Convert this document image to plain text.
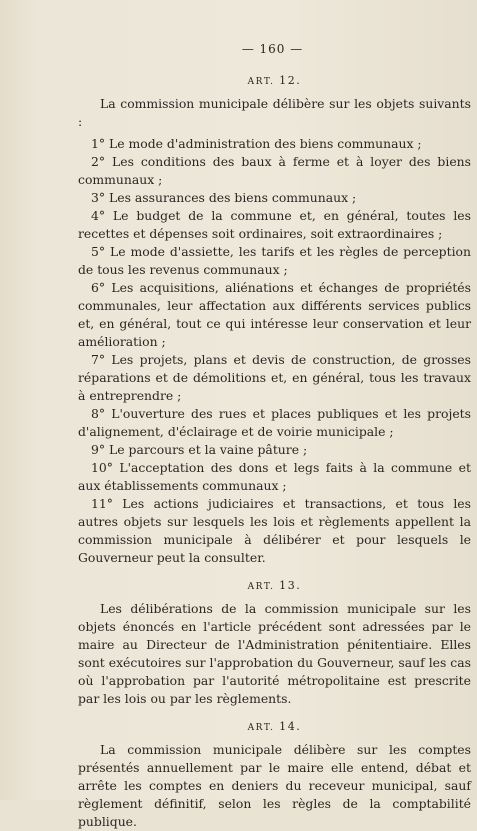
— 160 —
ART. 12.

La commission municipale délibère sur les objets suivants :

1° Le mode d'administration des biens communaux ;

2° Les conditions des baux à ferme et à loyer des biens communaux ;

3° Les assurances des biens communaux ;

4° Le budget de la commune et, en général, toutes les recettes et dépenses soit ordinaires, soit extraordinaires ;

5° Le mode d'assiette, les tarifs et les règles de perception de tous les revenus communaux ;

6° Les acquisitions, aliénations et échanges de propriétés communales, leur affectation aux différents services publics et, en général, tout ce qui intéresse leur conservation et leur amélioration ;

7° Les projets, plans et devis de construction, de grosses réparations et de démolitions et, en général, tous les travaux à entreprendre ;

8° L'ouverture des rues et places publiques et les projets d'alignement, d'éclairage et de voirie municipale ;

9° Le parcours et la vaine pâture ;

10° L'acceptation des dons et legs faits à la commune et aux établissements communaux ;

11° Les actions judiciaires et transactions, et tous les autres objets sur lesquels les lois et règlements appellent la commission municipale à délibérer et pour lesquels le Gouverneur peut la consulter.

ART. 13.

Les délibérations de la commission municipale sur les objets énoncés en l'article précédent sont adressées par le maire au Directeur de l'Administration pénitentiaire. Elles sont exécutoires sur l'approbation du Gouverneur, sauf les cas où l'approbation par l'autorité métropolitaine est prescrite par les lois ou par les règlements.

ART. 14.

La commission municipale délibère sur les comptes présentés annuellement par le maire elle entend, débat et arrête les comptes en deniers du receveur municipal, sauf règlement définitif, selon les règles de la comptabilité publique.
